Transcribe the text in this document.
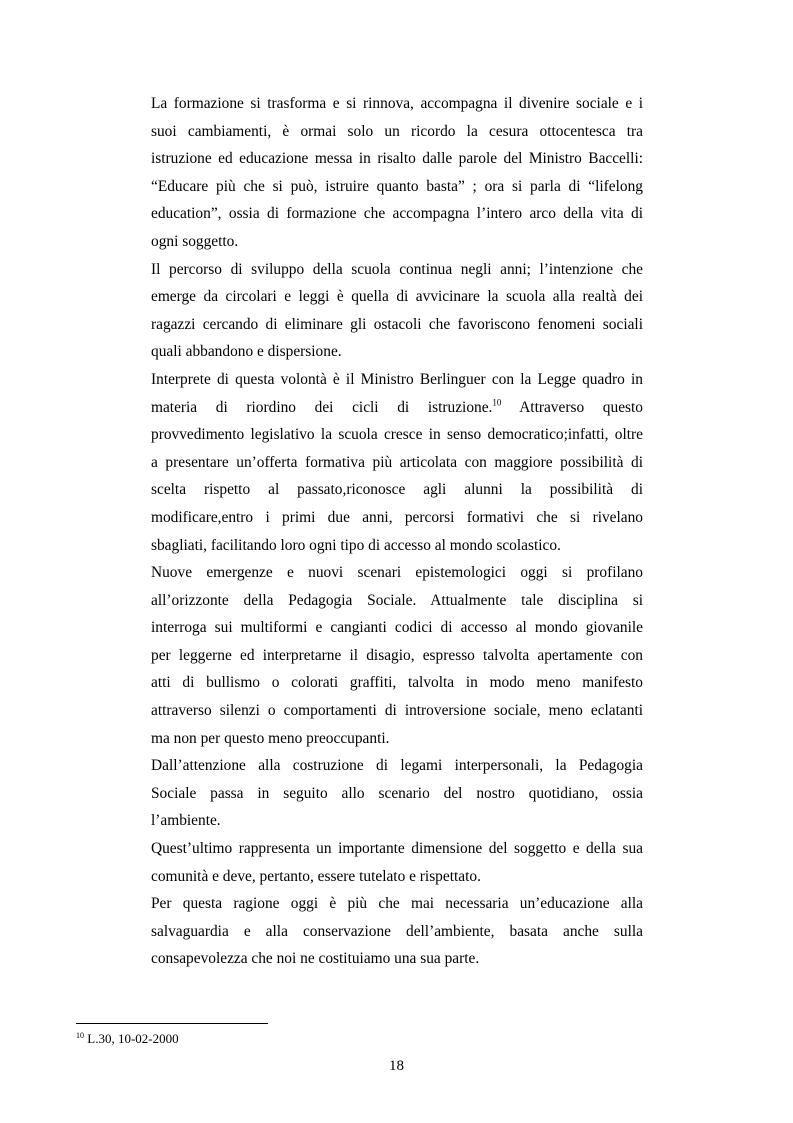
La formazione si trasforma e si rinnova, accompagna il divenire sociale e i
suoi cambiamenti, è ormai solo un ricordo la cesura ottocentesca tra
istruzione ed educazione messa in risalto dalle parole del Ministro Baccelli:
“Educare più che si può, istruire quanto basta” ; ora si parla di “lifelong
education”, ossia di formazione che accompagna l’intero arco della vita di
ogni soggetto.

Il percorso di sviluppo della scuola continua negli anni; l’intenzione che
emerge da circolari e leggi è quella di avvicinare la scuola alla realtà dei
ragazzi cercando di eliminare gli ostacoli che favoriscono fenomeni sociali
quali abbandono e dispersione.

Interprete di questa volontà è il Ministro Berlinguer con la Legge quadro in
materia di riordino dei cicli di istruzione.$^{10}$ Attraverso questo
provvedimento legislativo la scuola cresce in senso democratico;infatti, oltre
a presentare un’offerta formativa più articolata con maggiore possibilità di
scelta rispetto al passato,riconosce agli alunni la possibilità di
modificare,entro i primi due anni, percorsi formativi che si rivelano
sbagliati, facilitando loro ogni tipo di accesso al mondo scolastico.

Nuove emergenze e nuovi scenari epistemologici oggi si profilano
all’orizzonte della Pedagogia Sociale. Attualmente tale disciplina si
interroga sui multiformi e cangianti codici di accesso al mondo giovanile
per leggerne ed interpretarne il disagio, espresso talvolta apertamente con
atti di bullismo o colorati graffiti, talvolta in modo meno manifesto
attraverso silenzi o comportamenti di introversione sociale, meno eclatanti
ma non per questo meno preoccupanti.

Dall’attenzione alla costruzione di legami interpersonali, la Pedagogia
Sociale passa in seguito allo scenario del nostro quotidiano, ossia
l’ambiente.

Quest’ultimo rappresenta un importante dimensione del soggetto e della sua
comunità e deve, pertanto, essere tutelato e rispettato.

Per questa ragione oggi è più che mai necessaria un’educazione alla
salvaguardia e alla conservazione dell’ambiente, basata anche sulla
consapevolezza che noi ne costituiamo una sua parte.

$^{10}$ L.30, 10-02-2000
18
